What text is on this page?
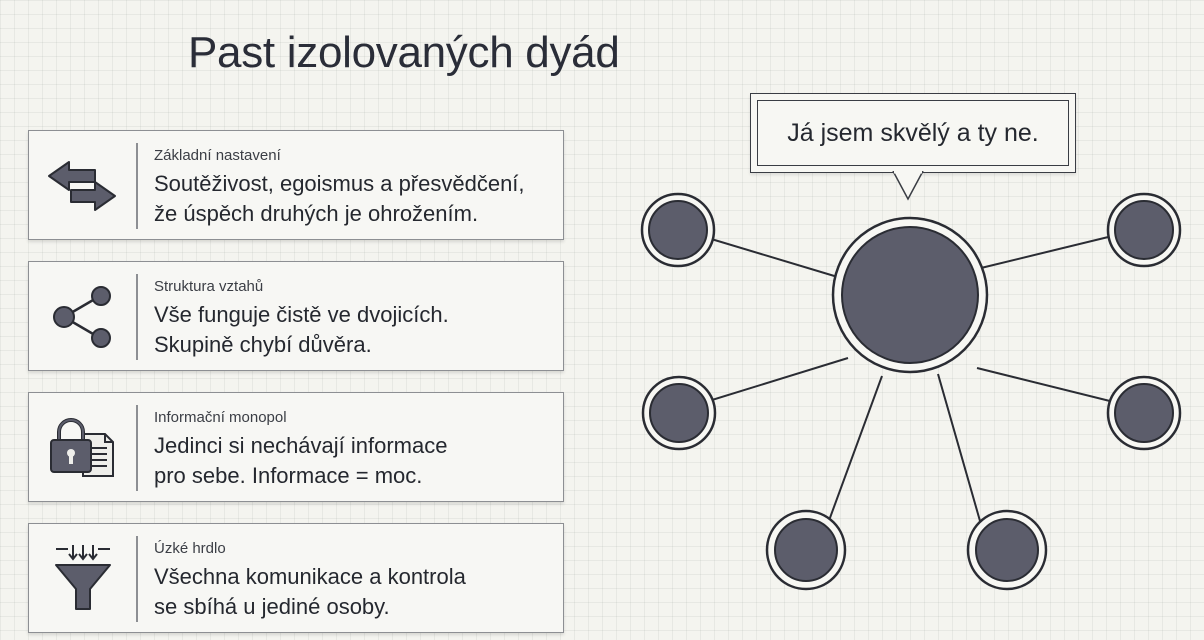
Past izolovaných dyád
Základní nastavení
Soutěživost, egoismus a přesvědčení,
že úspěch druhých je ohrožením.
Struktura vztahů
Vše funguje čistě ve dvojicích.
Skupině chybí důvěra.
Informační monopol
Jedinci si nechávají informace
pro sebe. Informace = moc.
Úzké hrdlo
Všechna komunikace a kontrola
se sbíhá u jediné osoby.
Já jsem skvělý a ty ne.
